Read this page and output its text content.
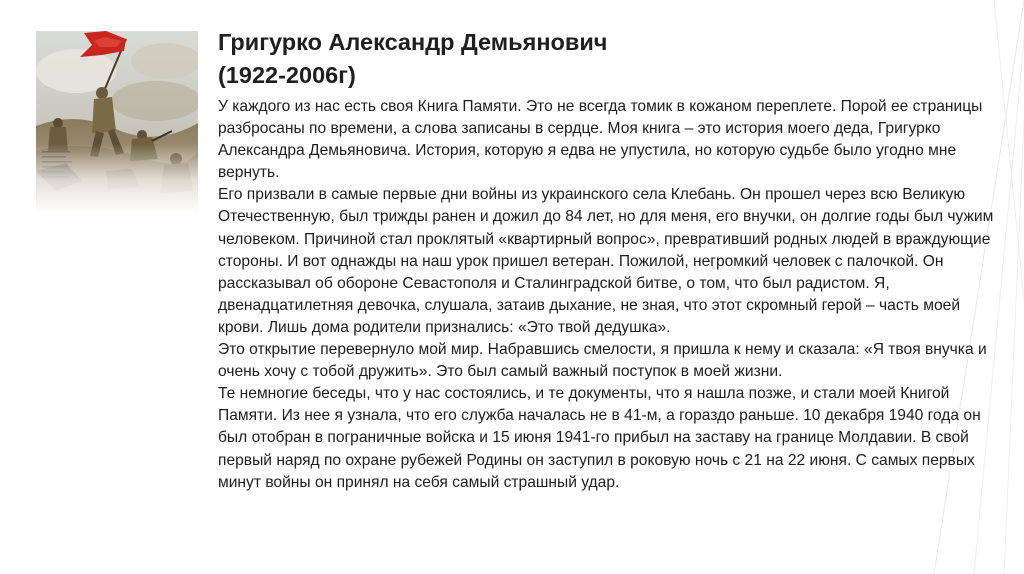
Григурко Александр Демьянович
(1922-2006г)

У каждого из нас есть своя Книга Памяти. Это не всегда томик в кожаном переплете. Порой ее страницы разбросаны по времени, а слова записаны в сердце. Моя книга – это история моего деда, Григурко Александра Демьяновича. История, которую я едва не упустила, но которую судьбе было угодно мне вернуть.

Его призвали в самые первые дни войны из украинского села Клебань. Он прошел через всю Великую Отечественную, был трижды ранен и дожил до 84 лет, но для меня, его внучки, он долгие годы был чужим человеком. Причиной стал проклятый «квартирный вопрос», превративший родных людей в враждующие стороны. И вот однажды на наш урок пришел ветеран. Пожилой, негромкий человек с палочкой. Он рассказывал об обороне Севастополя и Сталинградской битве, о том, что был радистом. Я, двенадцатилетняя девочка, слушала, затаив дыхание, не зная, что этот скромный герой – часть моей крови. Лишь дома родители признались: «Это твой дедушка».

Это открытие перевернуло мой мир. Набравшись смелости, я пришла к нему и сказала: «Я твоя внучка и очень хочу с тобой дружить». Это был самый важный поступок в моей жизни.

Те немногие беседы, что у нас состоялись, и те документы, что я нашла позже, и стали моей Книгой Памяти. Из нее я узнала, что его служба началась не в 41-м, а гораздо раньше. 10 декабря 1940 года он был отобран в пограничные войска и 15 июня 1941-го прибыл на заставу на границе Молдавии. В свой первый наряд по охране рубежей Родины он заступил в роковую ночь с 21 на 22 июня. С самых первых минут войны он принял на себя самый страшный удар.
